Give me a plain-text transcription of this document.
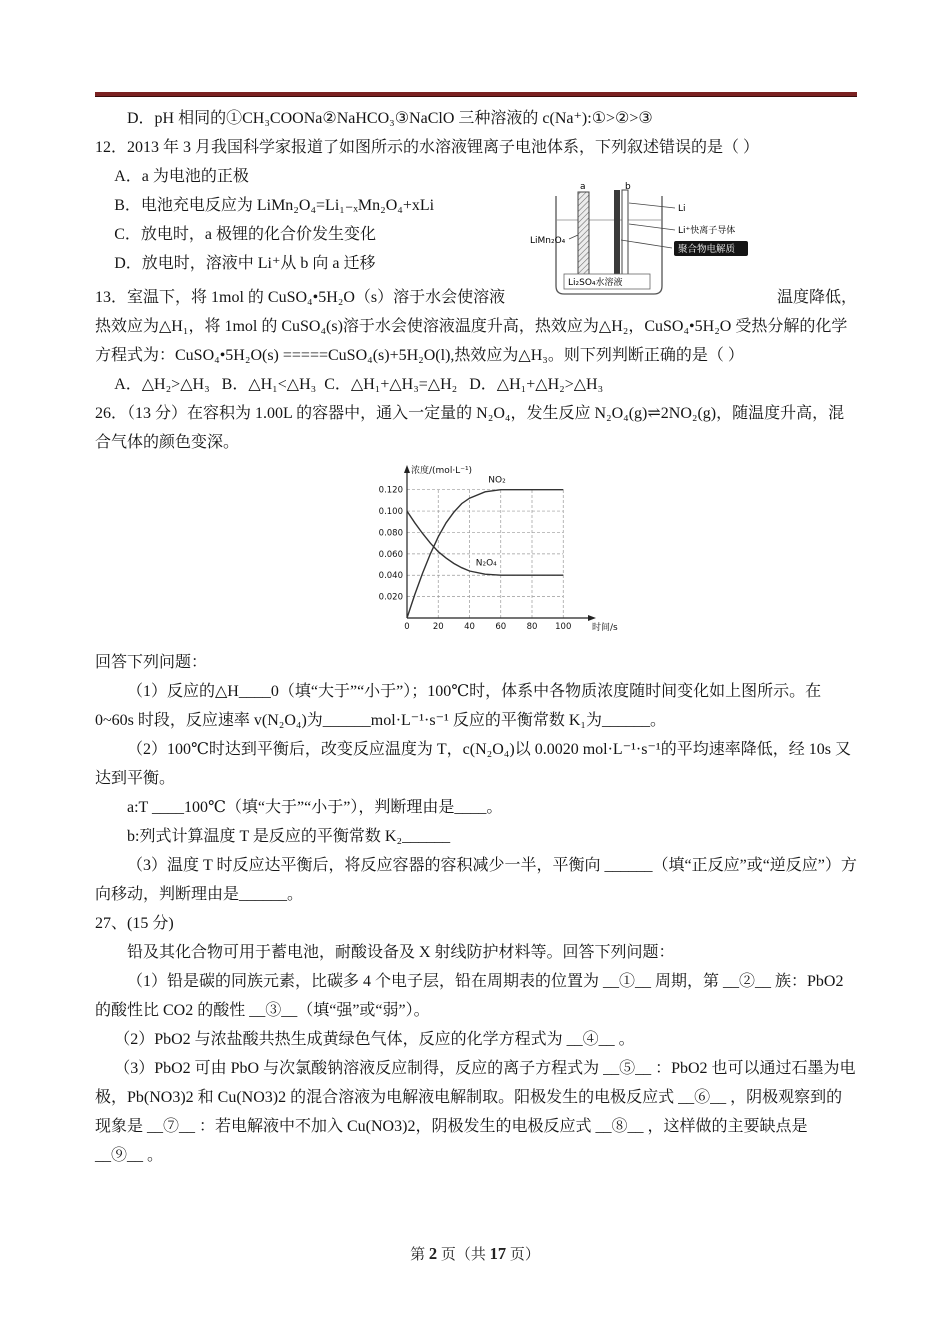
D．pH 相同的①CH₃COONa②NaHCO₃③NaClO 三种溶液的 c(Na⁺):①>②>③

12．2013 年 3 月我国科学家报道了如图所示的水溶液锂离子电池体系，下列叙述错误的是（ ）

A．a 为电池的正极

B．电池充电反应为 LiMn₂O₄=Li₁₋ₓMn₂O₄+xLi

C．放电时，a 极锂的化合价发生变化

D．放电时，溶液中 Li⁺从 b 向 a 迁移

13．室温下，将 1mol 的 CuSO₄•5H₂O（s）溶于水会使溶液	温度降低，

热效应为△H₁，将 1mol 的 CuSO₄(s)溶于水会使溶液温度升高，热效应为△H₂，CuSO₄•5H₂O 受热分解的化学方程式为：CuSO₄•5H₂O(s) =====CuSO₄(s)+5H₂O(l),热效应为△H₃。则下列判断正确的是（ ）

A．△H₂>△H₃   B．△H₁<△H₃  C．△H₁+△H₃=△H₂   D．△H₁+△H₂>△H₃

26．（13 分）在容积为 1.00L 的容器中，通入一定量的 N₂O₄，发生反应 N₂O₄(g)⇌2NO₂(g)，随温度升高，混合气体的颜色变深。

0.020
0.040
0.060
0.080
0.100
0.120
0	20 40 60 80 100
浓度/(mol·L⁻¹)
时间/s
NO₂
N₂O₄

回答下列问题：

（1）反应的△H____0（填“大于”“小于”）；100℃时，体系中各物质浓度随时间变化如上图所示。在 0~60s 时段，反应速率 v(N₂O₄)为______mol·L⁻¹·s⁻¹ 反应的平衡常数 K₁为______。

（2）100℃时达到平衡后，改变反应温度为 T，c(N₂O₄)以 0.0020 mol·L⁻¹·s⁻¹的平均速率降低，经 10s 又达到平衡。

a:T ____100℃（填“大于”“小于”），判断理由是____。

b:列式计算温度 T 是反应的平衡常数 K₂______

（3）温度 T 时反应达平衡后，将反应容器的容积减少一半，平衡向 ______（填“正反应”或“逆反应”）方向移动，判断理由是______。

27、(15 分)

铅及其化合物可用于蓄电池，耐酸设备及 X 射线防护材料等。回答下列问题：

（1）铅是碳的同族元素，比碳多 4 个电子层，铅在周期表的位置为 __①__ 周期，第 __②__ 族：PbO2 的酸性比 CO2 的酸性 __③__（填“强”或“弱”）。

（2）PbO2 与浓盐酸共热生成黄绿色气体，反应的化学方程式为 __④__ 。

（3）PbO2 可由 PbO 与次氯酸钠溶液反应制得，反应的离子方程式为 __⑤__ ：PbO2 也可以通过石墨为电极，Pb(NO3)2 和 Cu(NO3)2 的混合溶液为电解液电解制取。阳极发生的电极反应式 __⑥__ ，阴极观察到的现象是 __⑦__ ：若电解液中不加入 Cu(NO3)2，阴极发生的电极反应式 __⑧__ ，这样做的主要缺点是 __⑨__ 。

a	b
LiMn₂O₄
Li
Li⁺快离子导体
聚合物电解质
Li₂SO₄水溶液
第 2 页（共 17 页）
